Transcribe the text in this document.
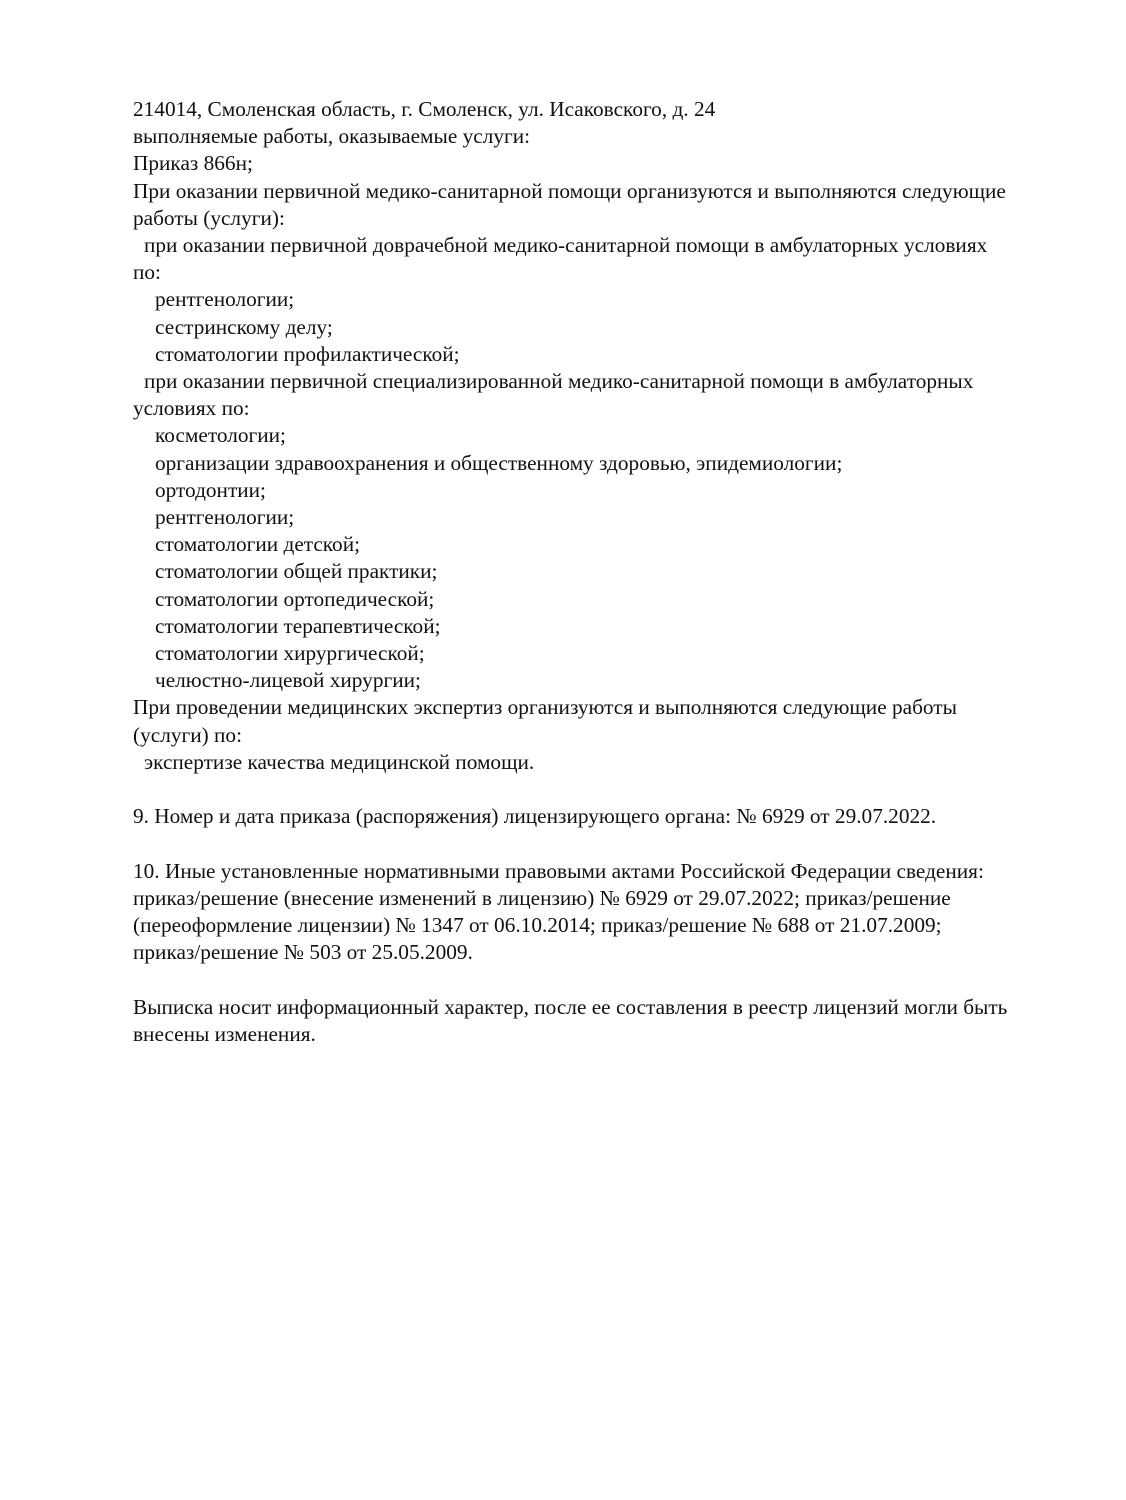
214014, Смоленская область, г. Смоленск, ул. Исаковского, д. 24
выполняемые работы, оказываемые услуги:
Приказ 866н;
При оказании первичной медико-санитарной помощи организуются и выполняются следующие
работы (услуги):
при оказании первичной доврачебной медико-санитарной помощи в амбулаторных условиях
по:
рентгенологии;
сестринскому делу;
стоматологии профилактической;
при оказании первичной специализированной медико-санитарной помощи в амбулаторных
условиях по:
косметологии;
организации здравоохранения и общественному здоровью, эпидемиологии;
ортодонтии;
рентгенологии;
стоматологии детской;
стоматологии общей практики;
стоматологии ортопедической;
стоматологии терапевтической;
стоматологии хирургической;
челюстно-лицевой хирургии;
При проведении медицинских экспертиз организуются и выполняются следующие работы
(услуги) по:
экспертизе качества медицинской помощи.
9. Номер и дата приказа (распоряжения) лицензирующего органа: № 6929 от 29.07.2022.
10. Иные установленные нормативными правовыми актами Российской Федерации сведения:
приказ/решение (внесение изменений в лицензию) № 6929 от 29.07.2022; приказ/решение
(переоформление лицензии) № 1347 от 06.10.2014; приказ/решение № 688 от 21.07.2009;
приказ/решение № 503 от 25.05.2009.
Выписка носит информационный характер, после ее составления в реестр лицензий могли быть
внесены изменения.
